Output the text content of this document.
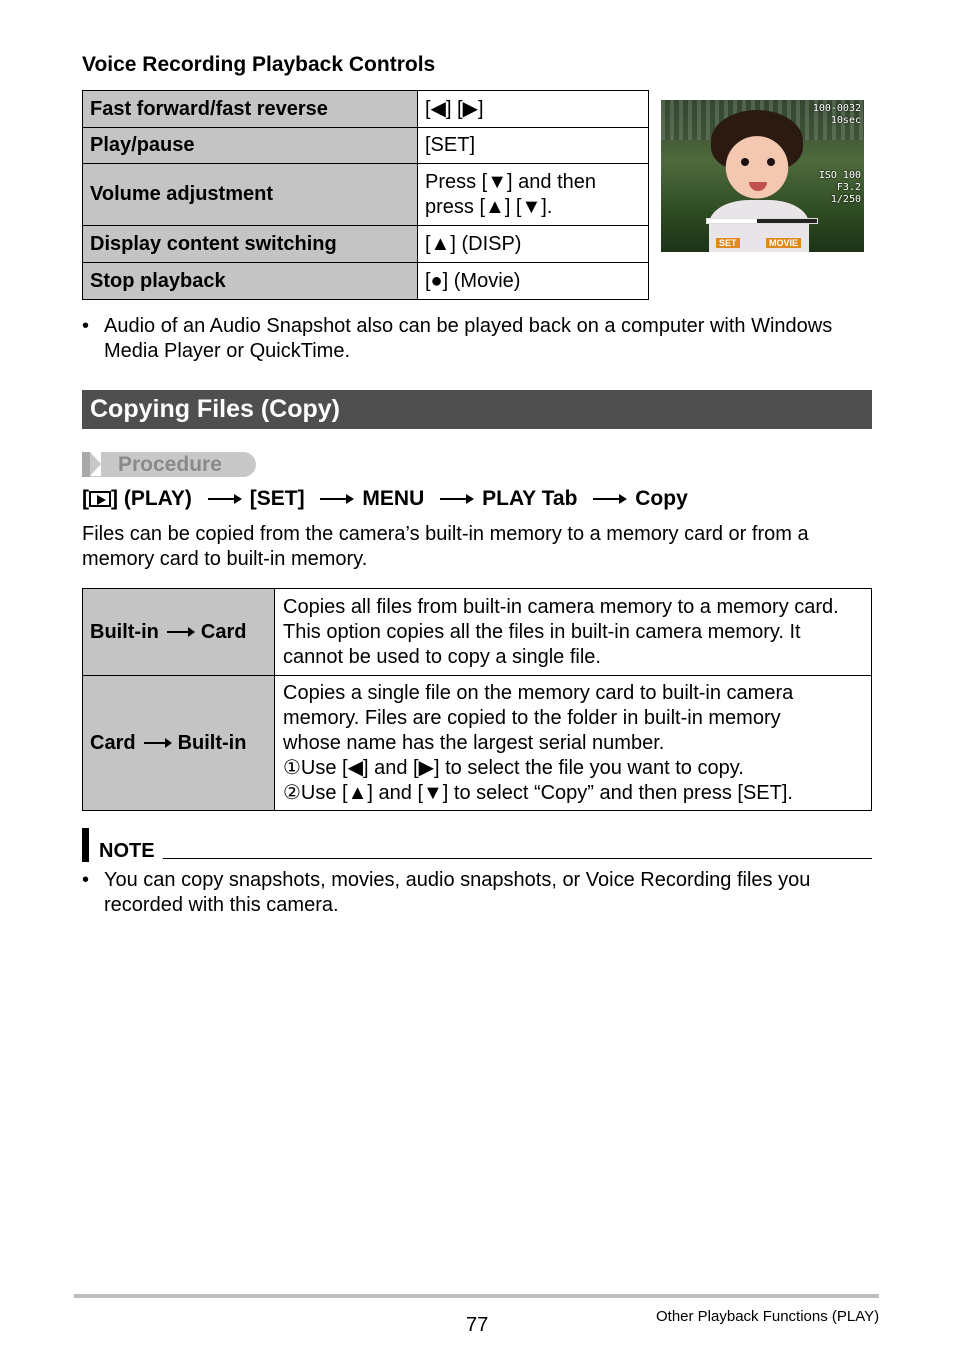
Voice Recording Playback Controls
Fast forward/fast reverse	[◀] [▶]
Play/pause	[SET]
Volume adjustment	Press [▼] and then press [▲] [▼].
Display content switching	[▲] (DISP)
Stop playback	[●] (Movie)
100-0032
10sec
ISO 100
F3.2
1/250
SET	MOVIE
• Audio of an Audio Snapshot also can be played back on a computer with Windows Media Player or QuickTime.
Copying Files (Copy)
Procedure
[ ] (PLAY)	[SET]	MENU	PLAY Tab	Copy
Files can be copied from the camera’s built-in memory to a memory card or from a memory card to built-in memory.
Built-in Card	Copies all files from built-in camera memory to a memory card.
This option copies all the files in built-in camera memory. It
cannot be used to copy a single file.

Card Built-in	Copies a single file on the memory card to built-in camera
memory. Files are copied to the folder in built-in memory
whose name has the largest serial number.
①Use [◀] and [▶] to select the file you want to copy.
②Use [▲] and [▼] to select “Copy” and then press [SET].
NOTE
• You can copy snapshots, movies, audio snapshots, or Voice Recording files you recorded with this camera.
77	Other Playback Functions (PLAY)
